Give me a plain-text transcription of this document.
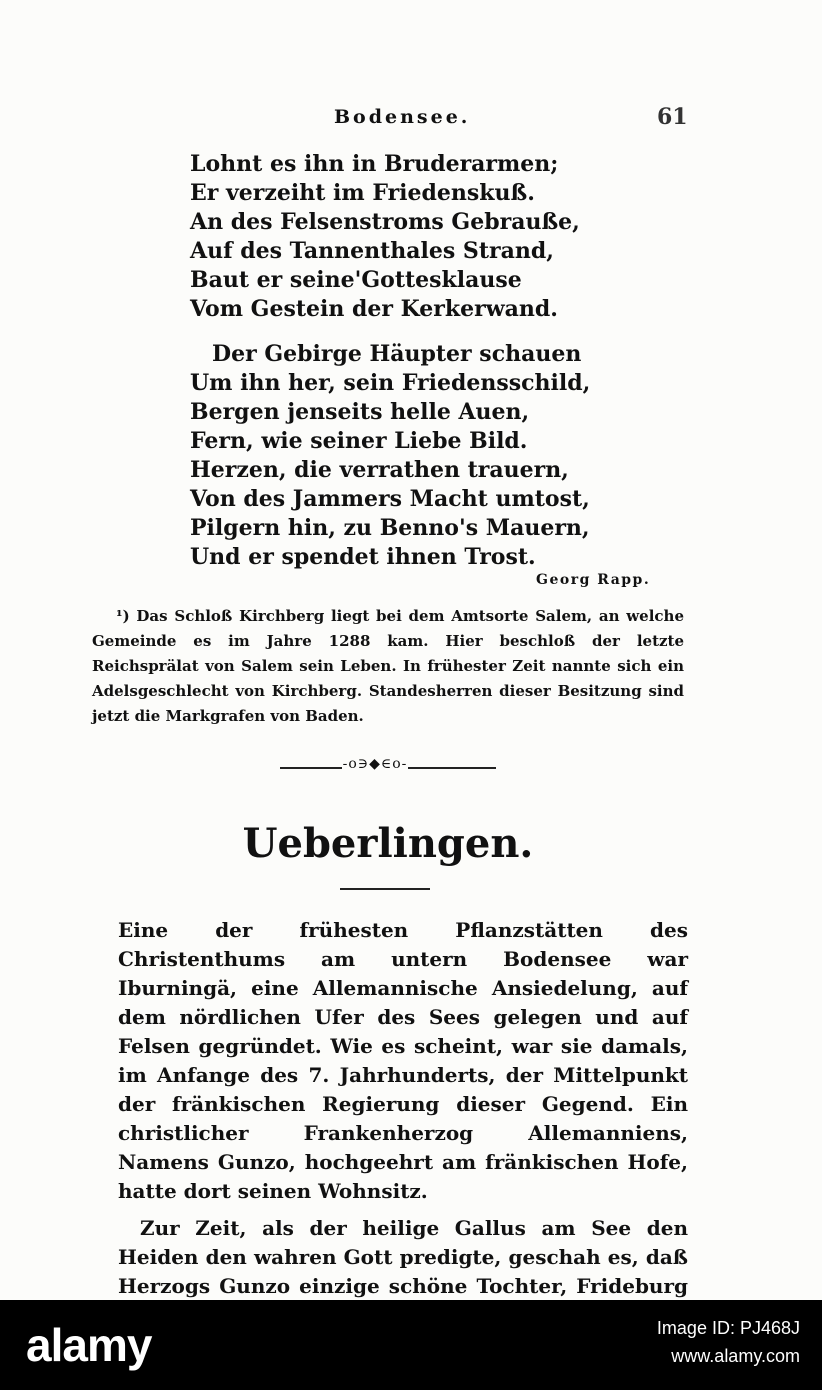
Bodensee.	61
Lohnt es ihn in Bruderarmen;
Er verzeiht im Friedenskuß.
An des Felsenstroms Gebrauße,
Auf des Tannenthales Strand,
Baut er seine'Gottesklause
Vom Gestein der Kerkerwand.
Der Gebirge Häupter schauen
Um ihn her, sein Friedensschild,
Bergen jenseits helle Auen,
Fern, wie seiner Liebe Bild.
Herzen, die verrathen trauern,
Von des Jammers Macht umtost,
Pilgern hin, zu Benno's Mauern,
Und er spendet ihnen Trost.
Georg Rapp.

¹) Das Schloß Kirchberg liegt bei dem Amtsorte Salem, an welche Gemeinde es im Jahre 1288 kam. Hier beschloß der letzte Reichsprälat von Salem sein Leben. In frühester Zeit nannte sich ein Adelsgeschlecht von Kirchberg. Standesherren dieser Besitzung sind jetzt die Markgrafen von Baden.

-o∋◆∈o-
Ueberlingen.

Eine der frühesten Pflanzstätten des Christenthums am untern Bodensee war Iburningä, eine Allemannische Ansiedelung, auf dem nördlichen Ufer des Sees gelegen und auf Felsen gegründet. Wie es scheint, war sie damals, im Anfange des 7. Jahrhunderts, der Mittelpunkt der fränkischen Regierung dieser Gegend. Ein christlicher Frankenherzog Allemanniens, Namens Gunzo, hochgeehrt am fränkischen Hofe, hatte dort seinen Wohnsitz.

Zur Zeit, als der heilige Gallus am See den Heiden den wahren Gott predigte, geschah es, daß Herzogs Gunzo einzige schöne Tochter, Frideburg

alamy	Image ID: PJ468J
www.alamy.com
